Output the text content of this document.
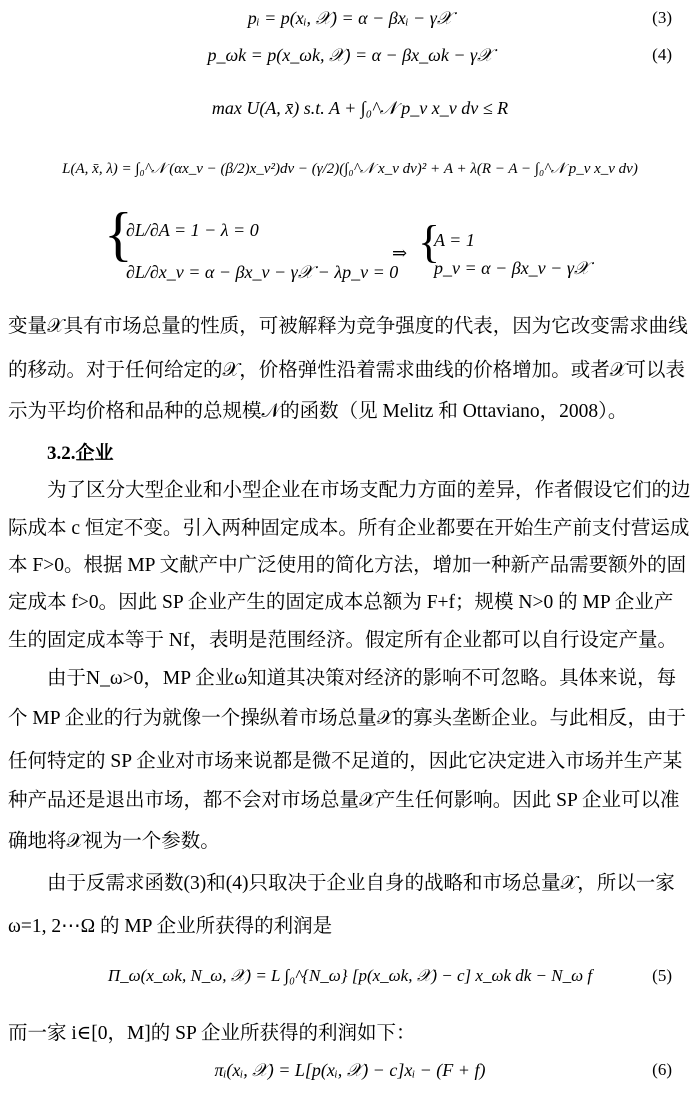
pᵢ = p(xᵢ, 𝒳) = α − βxᵢ − γ𝒳	(3)
p_ωk = p(x_ωk, 𝒳) = α − βx_ωk − γ𝒳	(4)
max U(A, x̄) s.t. A + ∫₀^𝒩 p_ν x_ν dν ≤ R
L(A, x̄, λ) = ∫₀^𝒩 (αx_ν − (β/2)x_ν²)dν − (γ/2)(∫₀^𝒩 x_ν dν)² + A + λ(R − A − ∫₀^𝒩 p_ν x_ν dν)
{
∂L/∂A = 1 − λ = 0
∂L/∂x_ν = α − βx_ν − γ𝒳 − λp_ν = 0
⇒ {
A = 1
p_ν = α − βx_ν − γ𝒳
变量𝒳具有市场总量的性质，可被解释为竞争强度的代表，因为它改变需求曲线
的移动。对于任何给定的𝒳，价格弹性沿着需求曲线的价格增加。或者𝒳可以表
示为平均价格和品种的总规模𝒩的函数（见 Melitz 和 Ottaviano，2008）。
3.2.企业
为了区分大型企业和小型企业在市场支配力方面的差异，作者假设它们的边
际成本 c 恒定不变。引入两种固定成本。所有企业都要在开始生产前支付营运成
本 F>0。根据 MP 文献产中广泛使用的简化方法，增加一种新产品需要额外的固
定成本 f>0。因此 SP 企业产生的固定成本总额为 F+f；规模 N>0 的 MP 企业产
生的固定成本等于 Nf，表明是范围经济。假定所有企业都可以自行设定产量。
由于N_ω>0，MP 企业ω知道其决策对经济的影响不可忽略。具体来说，每
个 MP 企业的行为就像一个操纵着市场总量𝒳的寡头垄断企业。与此相反，由于
任何特定的 SP 企业对市场来说都是微不足道的，因此它决定进入市场并生产某
种产品还是退出市场，都不会对市场总量𝒳产生任何影响。因此 SP 企业可以准
确地将𝒳视为一个参数。
由于反需求函数(3)和(4)只取决于企业自身的战略和市场总量𝒳，所以一家
ω=1, 2⋯Ω 的 MP 企业所获得的利润是
Π_ω(x_ωk, N_ω, 𝒳) = L ∫₀^{N_ω} [p(x_ωk, 𝒳) − c] x_ωk dk − N_ω f	(5)
而一家 i∈[0，M]的 SP 企业所获得的利润如下：
πᵢ(xᵢ, 𝒳) = L[p(xᵢ, 𝒳) − c]xᵢ − (F + f)	(6)
